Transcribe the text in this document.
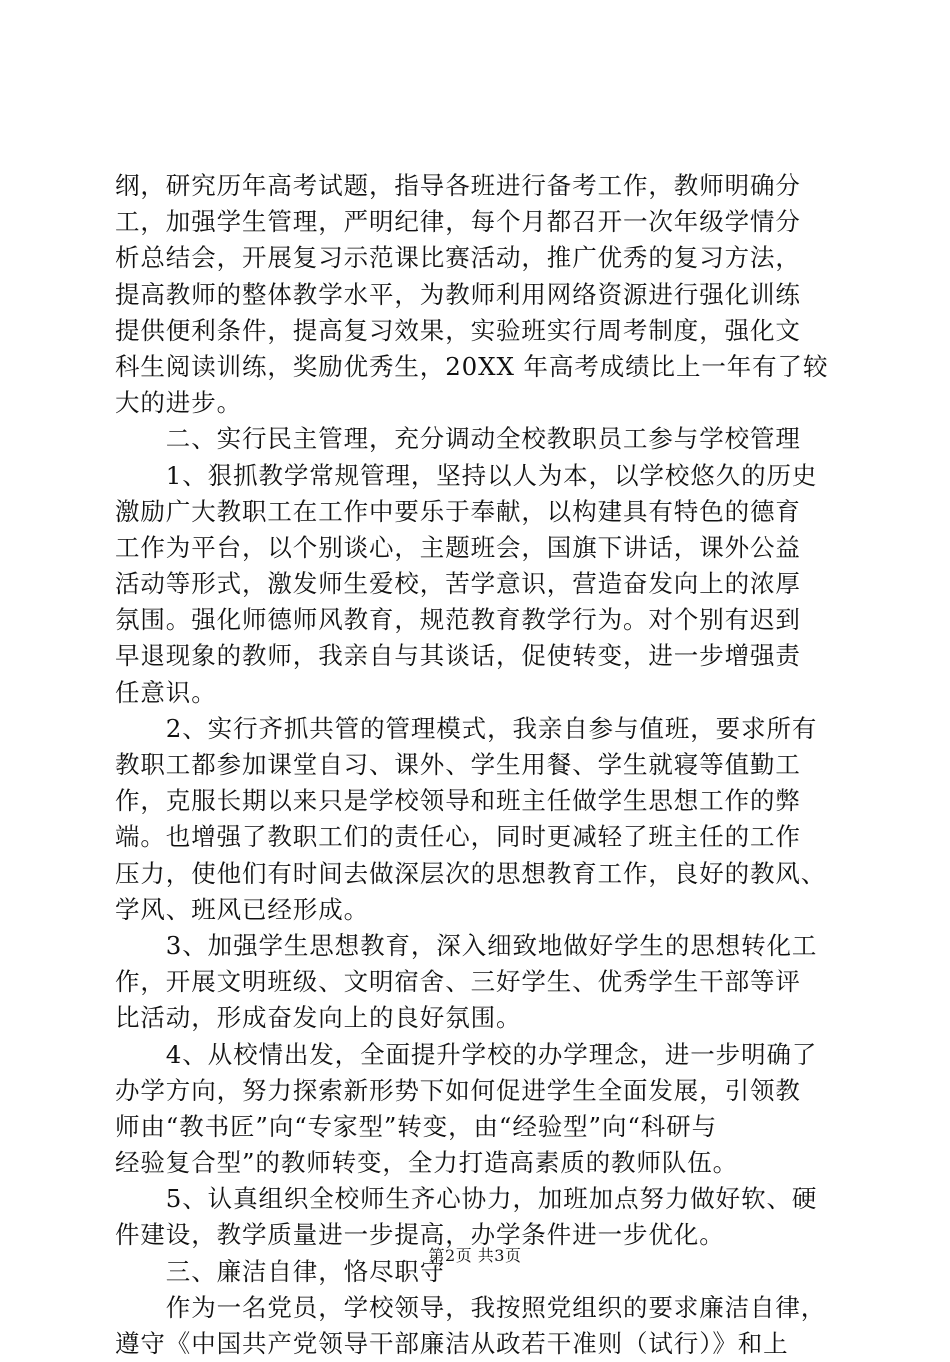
纲，研究历年高考试题，指导各班进行备考工作，教师明确分
工，加强学生管理，严明纪律，每个月都召开一次年级学情分
析总结会，开展复习示范课比赛活动，推广优秀的复习方法，
提高教师的整体教学水平，为教师利用网络资源进行强化训练
提供便利条件，提高复习效果，实验班实行周考制度，强化文
科生阅读训练，奖励优秀生，20XX 年高考成绩比上一年有了较
大的进步。
　　二、实行民主管理，充分调动全校教职员工参与学校管理
　　1、狠抓教学常规管理，坚持以人为本，以学校悠久的历史
激励广大教职工在工作中要乐于奉献，以构建具有特色的德育
工作为平台，以个别谈心，主题班会，国旗下讲话，课外公益
活动等形式，激发师生爱校，苦学意识，营造奋发向上的浓厚
氛围。强化师德师风教育，规范教育教学行为。对个别有迟到
早退现象的教师，我亲自与其谈话，促使转变，进一步增强责
任意识。
　　2、实行齐抓共管的管理模式，我亲自参与值班，要求所有
教职工都参加课堂自习、课外、学生用餐、学生就寝等值勤工
作，克服长期以来只是学校领导和班主任做学生思想工作的弊
端。也增强了教职工们的责任心，同时更减轻了班主任的工作
压力，使他们有时间去做深层次的思想教育工作，良好的教风、
学风、班风已经形成。
　　3、加强学生思想教育，深入细致地做好学生的思想转化工
作，开展文明班级、文明宿舍、三好学生、优秀学生干部等评
比活动，形成奋发向上的良好氛围。
　　4、从校情出发，全面提升学校的办学理念，进一步明确了
办学方向，努力探索新形势下如何促进学生全面发展，引领教
师由“教书匠”向“专家型”转变，由“经验型”向“科研与
经验复合型”的教师转变，全力打造高素质的教师队伍。
　　5、认真组织全校师生齐心协力，加班加点努力做好软、硬
件建设，教学质量进一步提高，办学条件进一步优化。
　　三、廉洁自律，恪尽职守
　　作为一名党员，学校领导，我按照党组织的要求廉洁自律，
遵守《中国共产党领导干部廉洁从政若干准则（试行）》和上
第2页 共3页
